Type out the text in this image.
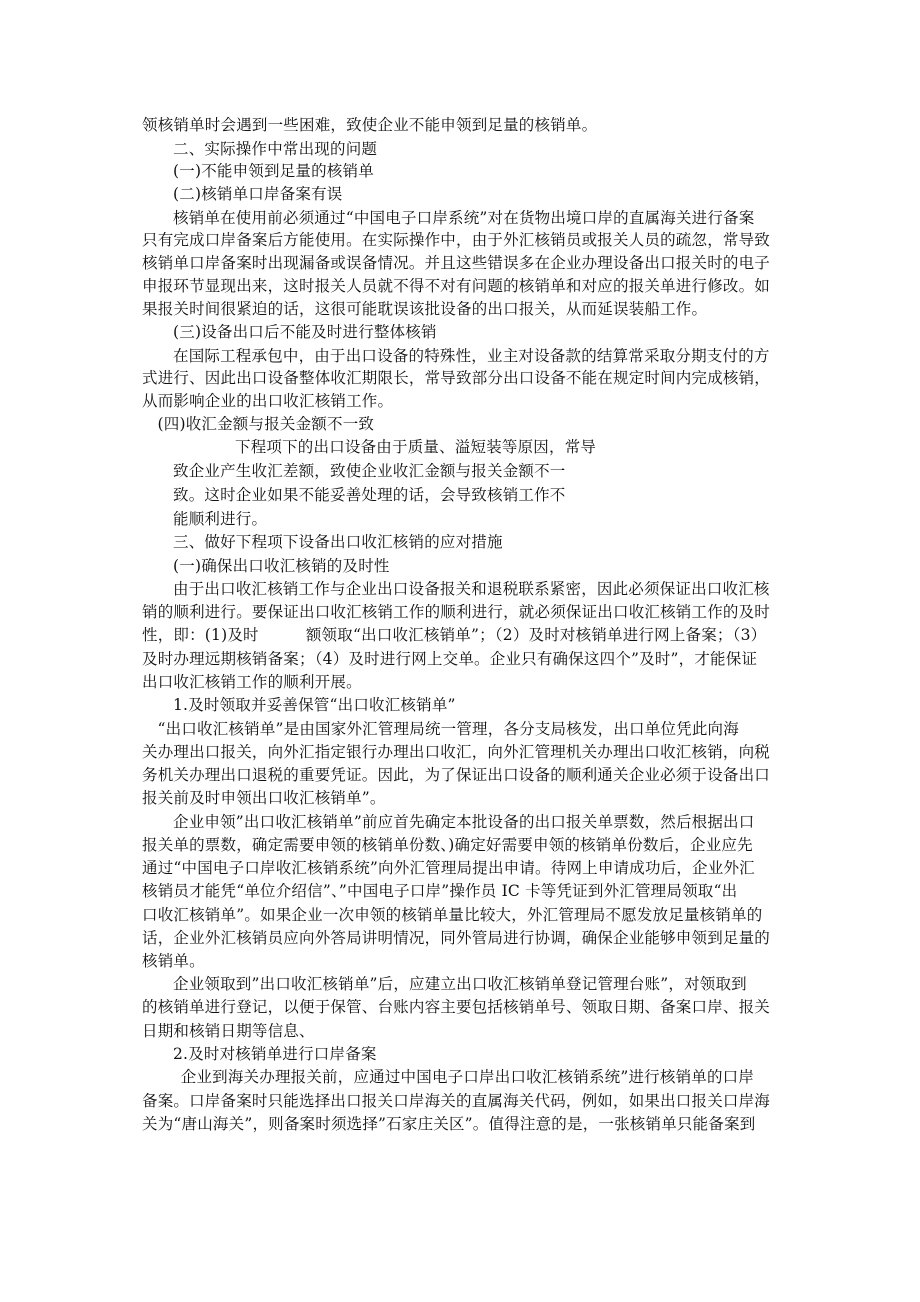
领核销单时会遇到一些困难，致使企业不能申领到足量的核销单。
二、实际操作中常出现的问题
(一)不能申领到足量的核销单
(二)核销单口岸备案有误
核销单在使用前必须通过“中国电子口岸系统”对在货物出境口岸的直属海关进行备案
只有完成口岸备案后方能使用。在实际操作中，由于外汇核销员或报关人员的疏忽，常导致
核销单口岸备案时出现漏备或误备情况。并且这些错误多在企业办理设备出口报关时的电子
申报环节显现出来，这时报关人员就不得不对有问题的核销单和对应的报关单进行修改。如
果报关时间很紧迫的话，这很可能耽误该批设备的出口报关，从而延误装船工作。
(三)设备出口后不能及时进行整体核销
在国际工程承包中，由于出口设备的特殊性，业主对设备款的结算常采取分期支付的方
式进行、因此出口设备整体收汇期限长，常导致部分出口设备不能在规定时间内完成核销，
从而影响企业的出口收汇核销工作。
(四)收汇金额与报关金额不一致
下程项下的出口设备由于质量、溢短装等原因，常导
致企业产生收汇差额，致使企业收汇金额与报关金额不一
致。这时企业如果不能妥善处理的话，会导致核销工作不
能顺利进行。
三、做好下程项下设备出口收汇核销的应对措施
(一)确保出口收汇核销的及时性
由于出口收汇核销工作与企业出口设备报关和退税联系紧密，因此必须保证出口收汇核
销的顺利进行。要保证出口收汇核销工作的顺利进行，就必须保证出口收汇核销工作的及时
性，即：(1)及时　　　额领取“出口收汇核销单”；（2）及时对核销单进行网上备案；（3）
及时办理远期核销备案；（4）及时进行网上交单。企业只有确保这四个”及时”，才能保证
出口收汇核销工作的顺利开展。
1.及时领取并妥善保管“出口收汇核销单”
“出口收汇核销单”是由国家外汇管理局统一管理，各分支局核发，出口单位凭此向海
关办理出口报关，向外汇指定银行办理出口收汇，向外汇管理机关办理出口收汇核销，向税
务机关办理出口退税的重要凭证。因此，为了保证出口设备的顺利通关企业必须于设备出口
报关前及时申领出口收汇核销单”。
企业申领”出口收汇核销单”前应首先确定本批设备的出口报关单票数，然后根据出口
报关单的票数，确定需要申领的核销单份数、)确定好需要申领的核销单份数后，企业应先
通过“中国电子口岸收汇核销系统”向外汇管理局提出申请。待网上申请成功后，企业外汇
核销员才能凭“单位介绍信”、”中国电子口岸”操作员 IC 卡等凭证到外汇管理局领取“出
口收汇核销单”。如果企业一次申领的核销单量比较大，外汇管理局不愿发放足量核销单的
话，企业外汇核销员应向外答局讲明情况，同外管局进行协调，确保企业能够申领到足量的
核销单。
企业领取到”出口收汇核销单”后，应建立出口收汇核销单登记管理台账”，对领取到
的核销单进行登记，以便于保管、台账内容主要包括核销单号、领取日期、备案口岸、报关
日期和核销日期等信息、
2.及时对核销单进行口岸备案
企业到海关办理报关前，应通过中国电子口岸出口收汇核销系统”进行核销单的口岸
备案。口岸备案时只能选择出口报关口岸海关的直属海关代码，例如，如果出口报关口岸海
关为“唐山海关”，则备案时须选择”石家庄关区”。值得注意的是，一张核销单只能备案到
